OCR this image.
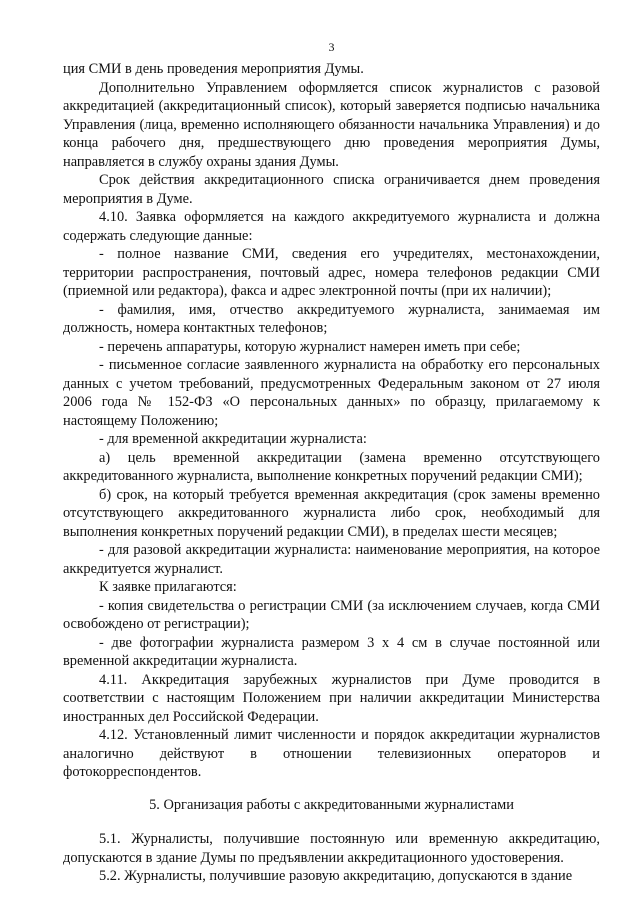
3
ция СМИ в день проведения мероприятия Думы.
Дополнительно Управлением оформляется список журналистов с разовой аккредитацией (аккредитационный список), который заверяется подписью начальника Управления (лица, временно исполняющего обязанности начальника Управления) и до конца рабочего дня, предшествующего дню проведения мероприятия Думы, направляется в службу охраны здания Думы.
Срок действия аккредитационного списка ограничивается днем проведения мероприятия в Думе.
4.10. Заявка оформляется на каждого аккредитуемого журналиста и должна содержать следующие данные:
- полное название СМИ, сведения его учредителях, местонахождении, территории распространения, почтовый адрес, номера телефонов редакции СМИ (приемной или редактора), факса и адрес электронной почты (при их наличии);
- фамилия, имя, отчество аккредитуемого журналиста, занимаемая им должность, номера контактных телефонов;
- перечень аппаратуры, которую журналист намерен иметь при себе;
- письменное согласие заявленного журналиста на обработку его персональных данных с учетом требований, предусмотренных Федеральным законом от 27 июля 2006 года № 152-ФЗ «О персональных данных» по образцу, прилагаемому к настоящему Положению;
- для временной аккредитации журналиста:
а) цель временной аккредитации (замена временно отсутствующего аккредитованного журналиста, выполнение конкретных поручений редакции СМИ);
б) срок, на который требуется временная аккредитация (срок замены временно отсутствующего аккредитованного журналиста либо срок, необходимый для выполнения конкретных поручений редакции СМИ), в пределах шести месяцев;
- для разовой аккредитации журналиста: наименование мероприятия, на которое аккредитуется журналист.
К заявке прилагаются:
- копия свидетельства о регистрации СМИ (за исключением случаев, когда СМИ освобождено от регистрации);
- две фотографии журналиста размером 3 х 4 см в случае постоянной или временной аккредитации журналиста.
4.11. Аккредитация зарубежных журналистов при Думе проводится в соответствии с настоящим Положением при наличии аккредитации Министерства иностранных дел Российской Федерации.
4.12. Установленный лимит численности и порядок аккредитации журналистов аналогично действуют в отношении телевизионных операторов и фотокорреспондентов.
5. Организация работы с аккредитованными журналистами
5.1. Журналисты, получившие постоянную или временную аккредитацию, допускаются в здание Думы по предъявлении аккредитационного удостоверения.
5.2. Журналисты, получившие разовую аккредитацию, допускаются в здание
